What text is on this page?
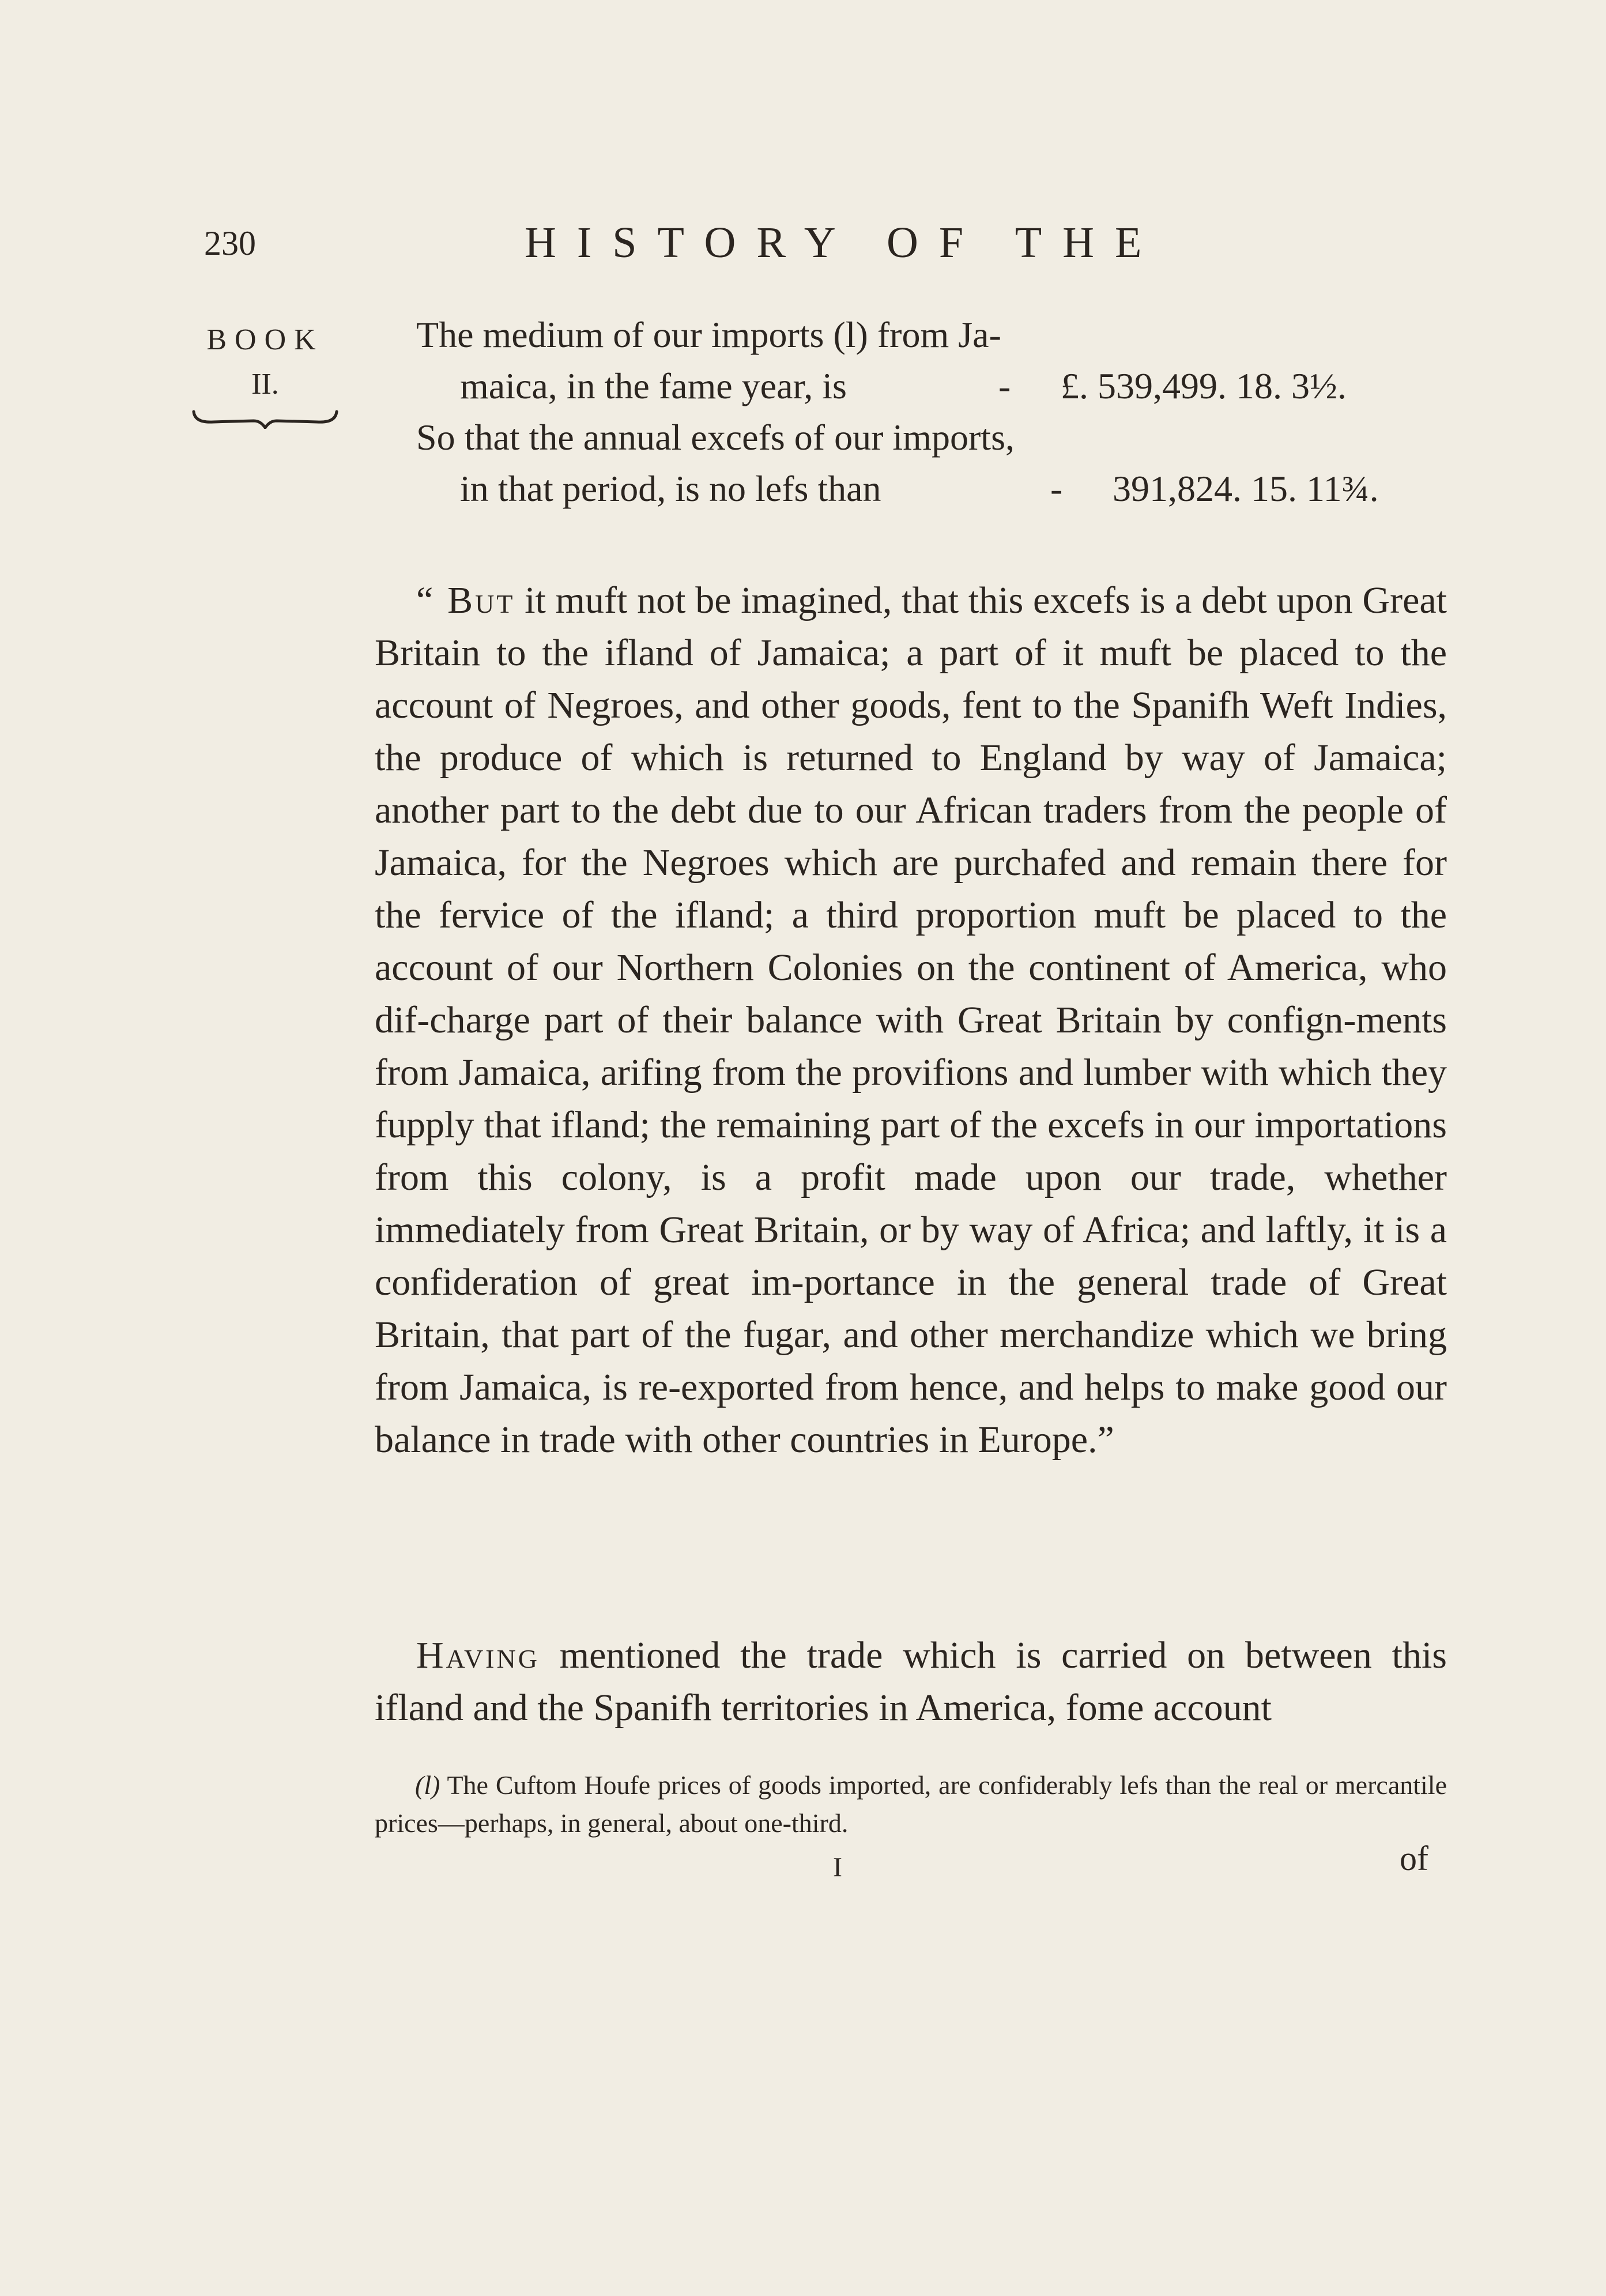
230	HISTORY OF THE
BOOK
II.
The medium of our imports (l) from Ja-
maica, in the fame year, is	- £. 539,499. 18. 3½.
So that the annual excefs of our imports,
in that period, is no lefs than	- 391,824. 15. 11¾.

“ But it muft not be imagined, that this excefs is a debt upon Great Britain to the ifland of Jamaica; a part of it muft be placed to the account of Negroes, and other goods, fent to the Spanifh Weft Indies, the produce of which is returned to England by way of Jamaica; another part to the debt due to our African traders from the people of Jamaica, for the Negroes which are purchafed and remain there for the fervice of the ifland; a third proportion muft be placed to the account of our Northern Colonies on the continent of America, who dif-charge part of their balance with Great Britain by confign-ments from Jamaica, arifing from the provifions and lumber with which they fupply that ifland; the remaining part of the excefs in our importations from this colony, is a profit made upon our trade, whether immediately from Great Britain, or by way of Africa; and laftly, it is a confideration of great im-portance in the general trade of Great Britain, that part of the fugar, and other merchandize which we bring from Jamaica, is re-exported from hence, and helps to make good our balance in trade with other countries in Europe.”

Having mentioned the trade which is carried on between this ifland and the Spanifh territories in America, fome account

(l) The Cuftom Houfe prices of goods imported, are confiderably lefs than the real or mercantile prices—perhaps, in general, about one-third.

I	of
